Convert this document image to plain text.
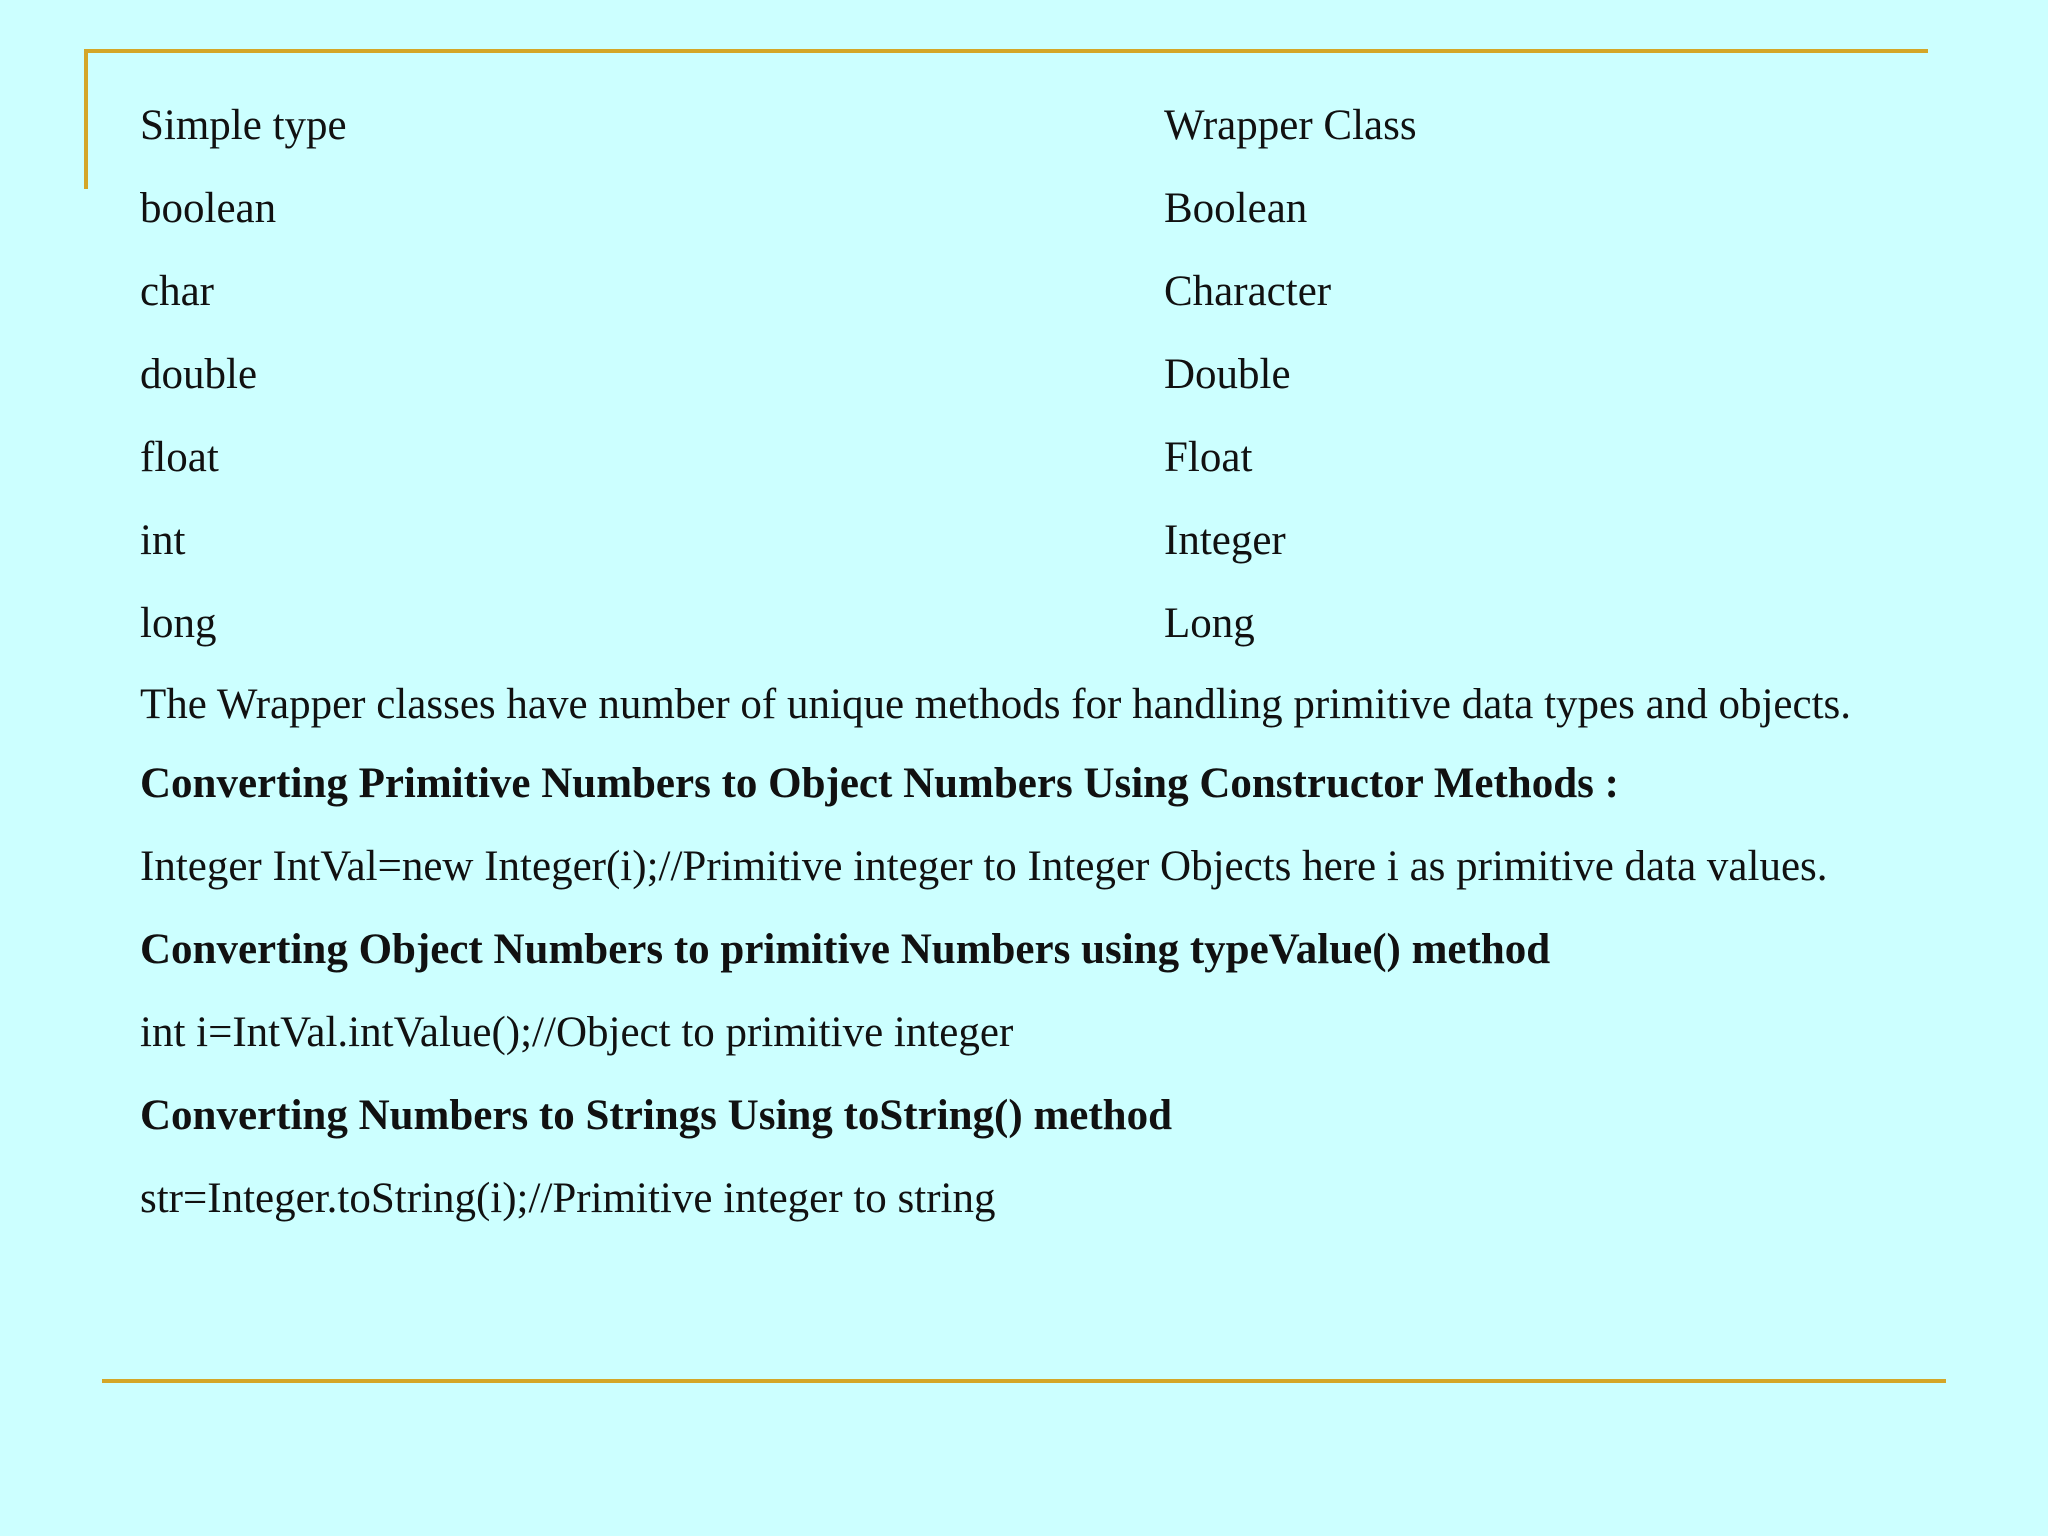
Simple type	Wrapper Class
boolean	Boolean
char	Character
double	Double
float	Float
int	Integer
long	Long

The Wrapper classes have number of unique methods for handling primitive data types and objects.

Converting Primitive Numbers to Object Numbers Using Constructor Methods :
Integer IntVal=new Integer(i);//Primitive integer to Integer Objects here i as primitive data values.
Converting Object Numbers to primitive Numbers using typeValue() method
int i=IntVal.intValue();//Object to primitive integer
Converting Numbers to Strings Using toString() method
str=Integer.toString(i);//Primitive integer to string
